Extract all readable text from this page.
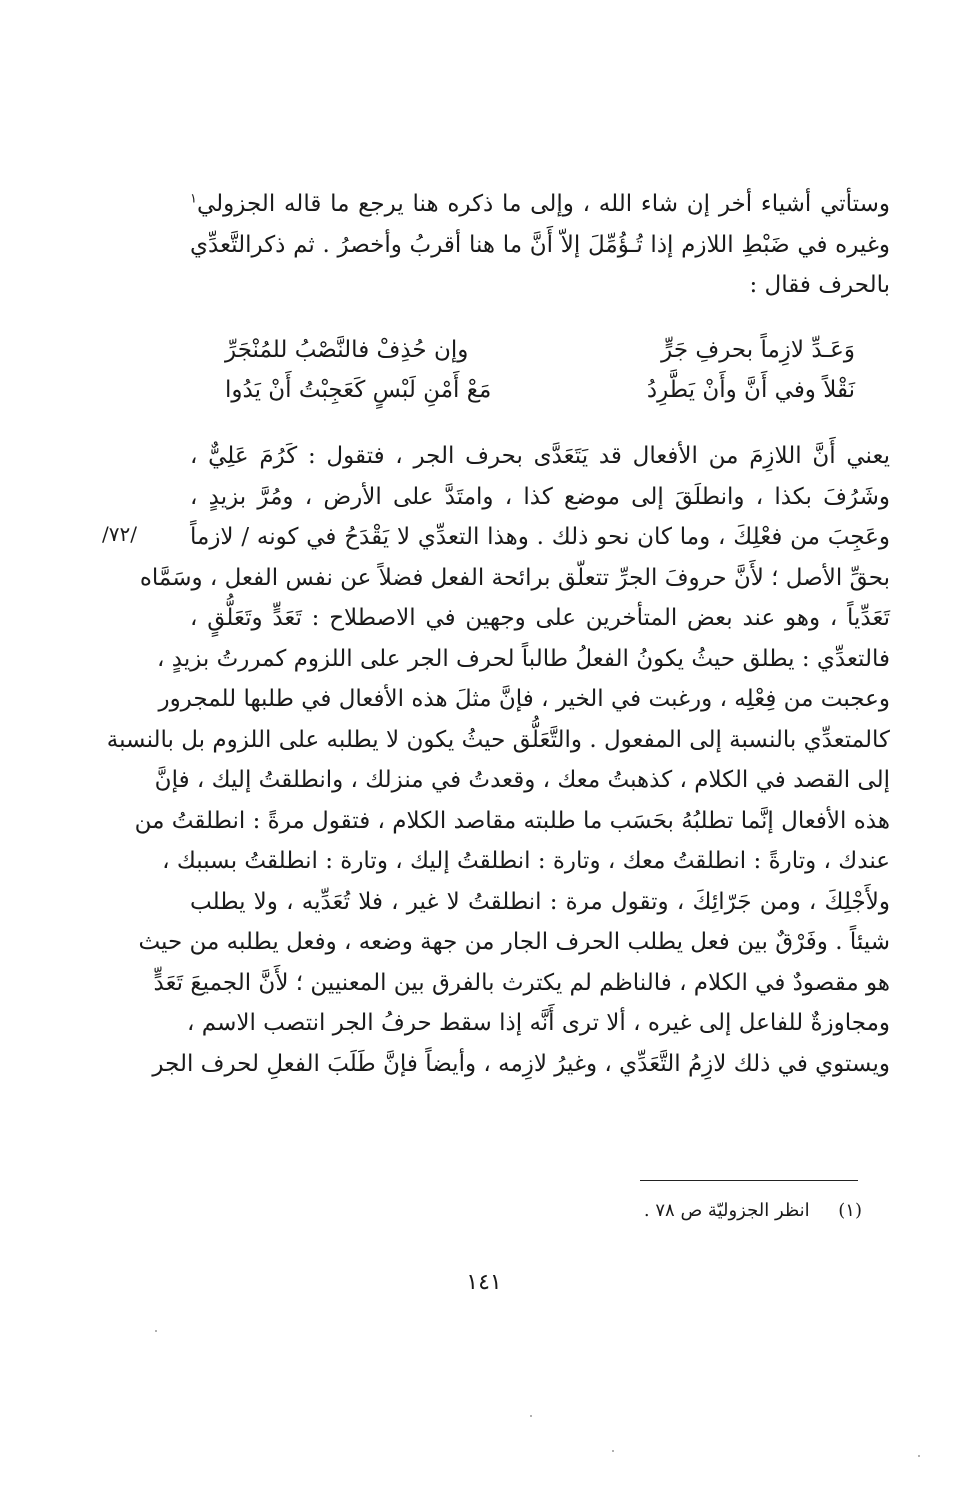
وستأتي أشياء أخر إن شاء الله ، وإلى ما ذكره هنا يرجع ما قاله الجزولي$^١$
وغيره في ضَبْطِ اللازم إذا تُـؤُمِّلَ إلاّ أَنَّ ما هنا أقربُ وأخصرُ . ثم ذكرالتَّعدِّي
بالحرف فقال :

وَعَـدِّ لازِماً بحرفِ جَرٍّ
وإن حُذِفْ فالنَّصْبُ للمُنْجَرِّ
نَقْلاً وفي أَنَّ وأَنْ يَطَّرِدُ
مَعْ أَمْنِ لَبْسٍ كَعَجِبْتُ أَنْ يَدُوا

يعني أَنَّ اللازِمَ من الأفعال قد يَتَعَدَّى بحرف الجر ، فتقول : كَرُمَ عَلِيٌّ ،
وشَرُفَ بكذا ، وانطلَقَ إلى موضع كذا ، وامتَدَّ على الأرض ، ومُرَّ بزيدٍ ،
وعَجِبَ من فعْلِكَ ، وما كان نحو ذلك . وهذا التعدِّي لا يَقْدَحُ في كونه / لازماً
بحقِّ الأصل ؛ لأَنَّ حروفَ الجرِّ تتعلّق برائحة الفعل فضلاً عن نفس الفعل ، وسَمَّاه
تَعَدِّياً ، وهو عند بعض المتأخرين على وجهين في الاصطلاح : تَعَدٍّ وتَعَلُّقٍ ،
فالتعدِّي : يطلق حيثُ يكونُ الفعلُ طالباً لحرف الجر على اللزوم كمررتُ بزيدٍ ،
وعجبت من فِعْلِه ، ورغبت في الخير ، فإنَّ مثلَ هذه الأفعال في طلبها للمجرور
كالمتعدِّي بالنسبة إلى المفعول . والتَّعَلُّق حيثُ يكون لا يطلبه على اللزوم بل بالنسبة
إلى القصد في الكلام ، كذهبتُ معك ، وقعدتُ في منزلك ، وانطلقتُ إليك ، فإنَّ
هذه الأفعال إنَّما تطلبُهُ بحَسَب ما طلبته مقاصد الكلام ، فتقول مرةً : انطلقتُ من
عندك ، وتارةً : انطلقتُ معك ، وتارة : انطلقتُ إليك ، وتارة : انطلقتُ بسببك ،
ولأَجْلِكَ ، ومن جَرّائِكَ ، وتقول مرة : انطلقتُ لا غير ، فلا تُعَدِّيه ، ولا يطلب
شيئاً . وفَرْقٌ بين فعل يطلب الحرف الجار من جهة وضعه ، وفعل يطلبه من حيث
هو مقصودٌ في الكلام ، فالناظم لم يكترث بالفرق بين المعنيين ؛ لأَنَّ الجميعَ تَعَدٍّ
ومجاوزةٌ للفاعل إلى غيره ، ألا ترى أَنَّه إذا سقط حرفُ الجر انتصب الاسم ،
ويستوي في ذلك لازِمُ التَّعَدِّي ، وغيرُ لازِمه ، وأيضاً فإنَّ طَلَبَ الفعلِ لحرف الجر

/٧٢/
(١)     انظر الجزوليّة ص ٧٨ .
١٤١
